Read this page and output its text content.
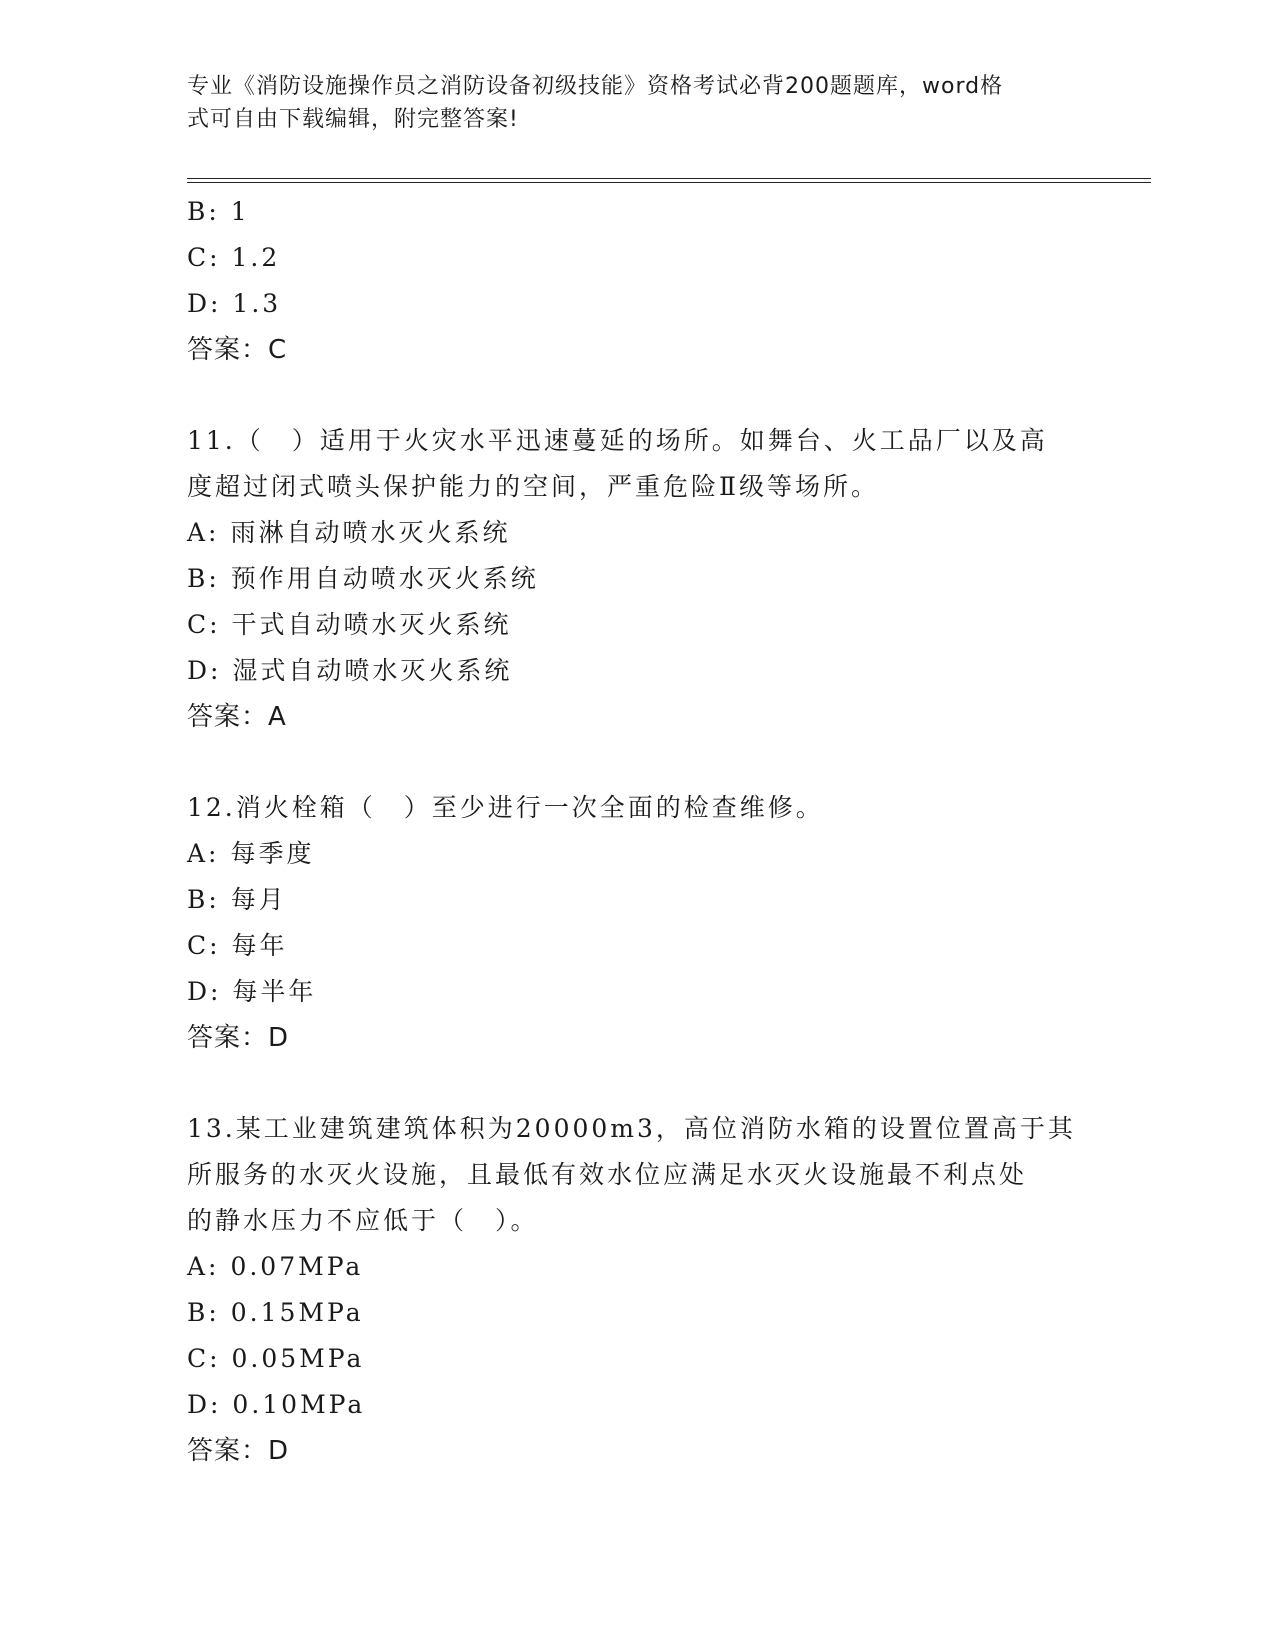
专业《消防设施操作员之消防设备初级技能》资格考试必背200题题库，word格
式可自由下载编辑，附完整答案!
B: 1
C: 1.2
D: 1.3
答案：C
11.（　）适用于火灾水平迅速蔓延的场所。如舞台、火工品厂以及高
度超过闭式喷头保护能力的空间，严重危险Ⅱ级等场所。
A: 雨淋自动喷水灭火系统
B: 预作用自动喷水灭火系统
C: 干式自动喷水灭火系统
D: 湿式自动喷水灭火系统
答案：A
12.消火栓箱（　）至少进行一次全面的检查维修。
A: 每季度
B: 每月
C: 每年
D: 每半年
答案：D
13.某工业建筑建筑体积为20000m3，高位消防水箱的设置位置高于其
所服务的水灭火设施，且最低有效水位应满足水灭火设施最不利点处
的静水压力不应低于（　）。
A: 0.07MPa
B: 0.15MPa
C: 0.05MPa
D: 0.10MPa
答案：D
